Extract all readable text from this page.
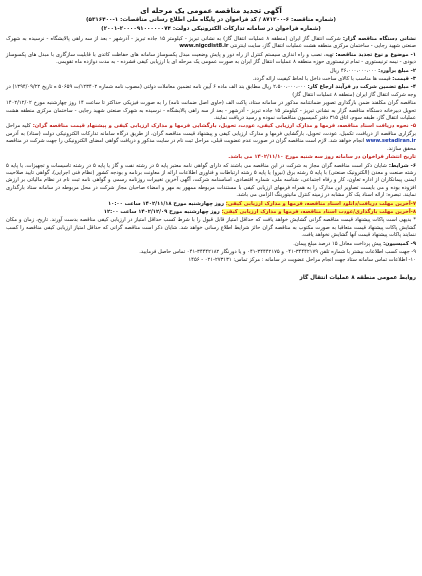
آگهی تجدید مناقصه عمومی یک مرحله ای
(شماره مناقصه: ۶-۸۷۱۲۰۰ / کد فراخوان در پایگاه ملی اطلاع رسانی مناقصات: ۱-۵۳۱۶۴۰۰)
(شماره فراخوان در سامانه تدارکات الکترونیکی دولت: ۲۰۰۰۰۹۱۰۰۰۰۰۰۷۴-۲۰۰۱)

نشانی دستگاه مناقصه گزار: شرکت انتقال گاز ایران (منطقه ۸ عملیات انتقال گاز) به نشانی تبریز - کیلومتر ۱۵ جاده تبریز - آذرشهر - بعد از سه راهی پالایشگاه - نرسیده به شهرک صنعتی شهید رجایی - ساختمان مرکزی منطقه هشت عملیات انتقال گاز، سایت اینترنتی www.nigcdist8.ir

۱- موضوع و نوع تجدید مناقصه: تهیه، نصب و راه اندازی سیستم کنترل از راه دور و پایش وضعیت مبدل پکسوساز سامانه های حفاظت کاتدی با قابلیت سازگاری با مبدل های پکسوساز دیودی - نیمه ترنیستوری - تمام ترنیستوری حوزه منطقه ۸ عملیات انتقال گاز ایران به صورت عمومی یک مرحله ای با ارزیابی کیفی فشرده - به مدت دوازده ماه تقویمی.

۲- مبلغ برآورد: ۴۶،۰۰۰،۰۰۰،۰۰۰ ریال

۳- قیمت: قیمت ها مناسب با کالای ساخت داخل با لحاظ کیفیت ارائه گردد.

۴- مبلغ تضمین شرکت در فرآیند ارجاع کار: ۲،۵۰۰،۰۰۰،۰۰۰ ریال مطابق بند الف ماده ۶ آیین نامه تضمین معاملات دولتی (مصوب نامه شماره ۱۲۳۴۰۲/ت ۵۰۶۵۹ ه تاریخ ۱۳۹۴/۰۹/۲۲) در وجه شرکت انتقال گاز ایران (منطقه ۸ عملیات انتقال گاز)

مناقصه گران مکلفند ضمن بارگذاری تصویر ضمانتنامه مذکور در سامانه ستاد، پاکت الف (حاوی اصل ضمانت نامه) را به صورت فیزیکی حداکثر تا ساعت ۱۴ روز چهارشنبه مورخ ۱۴۰۲/۱۲/۰۲ تحویل دبیرخانه دستگاه مناقصه گزار به نشانی تبریز - کیلومتر ۱۵ جاده تبریز - آذرشهر - بعد از سه راهی پالایشگاه - نرسیده به شهرک صنعتی شهید رجایی - ساختمان مرکزی منطقه هشت عملیات انتقال گاز، طبقه سوم، اتاق ۳۱۵ دفتر کمیسیون مناقصات نموده و رسید دریافت نمایند.

۵- نحوه دریافت اسناد مناقصه، فرمها و مدارک ارزیابی کیفی، عودت، تحویل، بارگشایی فرمها و مدارک ارزیابی کیفی و پیشنهاد قیمت مناقصه گران: کلیه مراحل برگزاری مناقصه از دریافت، تکمیل، عودت، تحویل، بارگشایی فرمها و مدارک ارزیابی کیفی و پیشنهاد قیمت مناقصه گران، از طریق درگاه سامانه تدارکات الکترونیکی دولت (ستاد) به آدرس www.setadiran.ir انجام خواهد شد. لازم است مناقصه گران در صورت عدم عضویت قبلی، مراحل ثبت نام در سایت مذکور و دریافت گواهی امضای الکترونیکی را جهت شرکت در مناقصه محقق سازند.

تاریخ انتشار فراخوان در سامانه روز سه شنبه مورخ ۱۴۰۲/۱۱/۱۰ می باشد.

۶- شرایط: شایان ذکر است مناقصه گران مجاز به شرکت در این مناقصه می باشند که دارای گواهی نامه معتبر پایه ۵ در رشته نفت و گاز یا پایه ۵ در رشته تاسیسات و تجهیزات، یا پایه ۵ رشته صنعت و معدن (الکترونیک صنعتی) با پایه ۵ رشته برق (نیرو) یا پایه ۵ رشته ارتباطات و فناوری اطلاعات ارائه از معاونت برنامه و بودجه کشور (نظام فنی اجرایی)، گواهی تایید صلاحیت ایمنی پیمانکاران از اداره تعاون، کار و رفاه اجتماعی، شناسه ملی، شماره اقتصادی، اساسنامه شرکت، آگهی آخرین تغییرات روزنامه رسمی و گواهی نامه ثبت نام در نظام مالیاتی بر ارزش افزوده بوده و می بایست تصاویر این مدارک را به همراه فرمهای ارزیابی کیفی با مستندات مربوطه ممهور به مهر و امضاء صاحبان مجاز شرکت در محل مربوطه در سامانه ستاد بارگذاری نمایند. تبصره: ارائه اسناد یک کار مشابه در زمینه کنترل مانیتورینگ الزامی می باشد.

۷-آخرین مهلت دریافت/دانلود اسناد مناقصه، فرمها و مدارک ارزیابی کیفی: روز چهارشنبه مورخ ۱۴۰۲/۱۱/۱۸ ساعت ۱۰:۰۰

۸-آخرین مهلت بارگذاری/عودت اسناد مناقصه، فرمها و مدارک ارزیابی کیفی: روز چهارشنبه مورخ ۱۴۰۲/۱۲/۰۹ ساعت ۱۲:۰۰

* بدیهی است پاکات پیشنهاد قیمت مناقصه گرانی گشایش خواهد یافت که حداقل امتیاز قابل قبول را با شرط کسب حداقل امتیاز در ارزیابی کیفی مناقصه بدست آورند. تاریخ، زمان و مکان گشایش پاکات پیشنهاد قیمت متعاقبا به صورت مکتوب به مناقصه گران حائز شرایط اطلاع رسانی خواهد شد. شایان ذکر است مناقصه گرانی که حداقل امتیاز ارزیابی کیفی مناقصه را کسب ننمایند پاکات پیشنهاد قیمت آنها گشایش نخواهد یافت.

۹- کمیسیون: پیش پرداخت معادل ۱۵ درصد مبلغ پیمان.

۹- جهت کسب اطلاعات بیشتر با شماره تلفن ۳۴۴۴۲۱۷۹-۰۴۱ و ۳۴۴۴۲۱۷۵-۰۴۱ و یا دورنگار ۳۴۴۴۲۱۸۲-۰۴۱ تماس حاصل فرمایید.

۱۰- اطلاعات تماس سامانه ستاد جهت انجام مراحل عضویت در سامانه : مرکز تماس: ۲۷۳۱۳۱-۰۲۱ - ۱۴۵۶

روابط عمومی منطقه ۸ عملیات انتقال گاز
